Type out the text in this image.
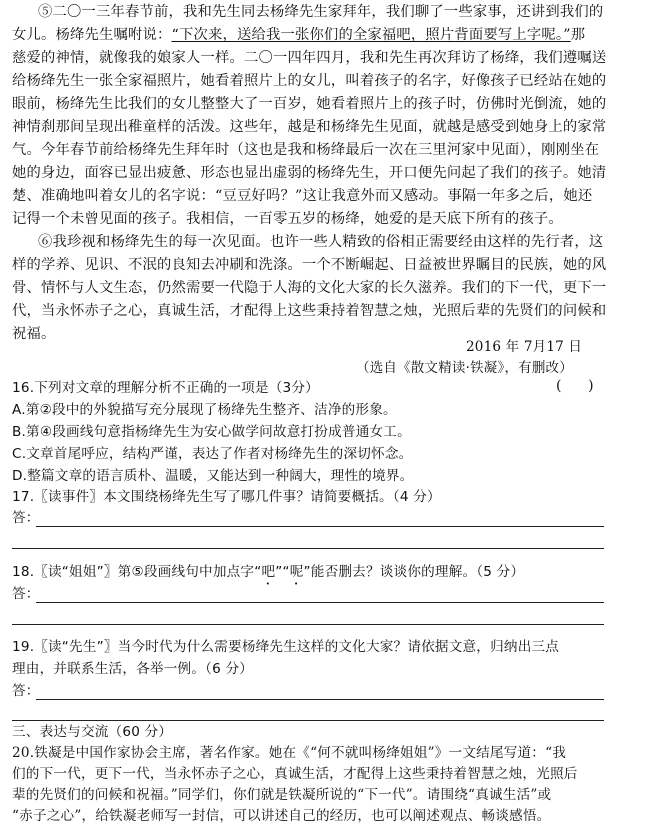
⑤二〇一三年春节前，我和先生同去杨绛先生家拜年，我们聊了一些家事，还讲到我们的
女儿。杨绛先生嘱咐说：“下次来，送给我一张你们的全家福吧，照片背面要写上字呢。”那
慈爱的神情，就像我的娘家人一样。二〇一四年四月，我和先生再次拜访了杨绛，我们遵嘱送
给杨绛先生一张全家福照片，她看着照片上的女儿，叫着孩子的名字，好像孩子已经站在她的
眼前，杨绛先生比我们的女儿整整大了一百岁，她看着照片上的孩子时，仿佛时光倒流，她的
神情刹那间呈现出稚童样的活泼。这些年，越是和杨绛先生见面，就越是感受到她身上的家常
气。今年春节前给杨绛先生拜年时（这也是我和杨绛最后一次在三里河家中见面），刚刚坐在
她的身边，面容已显出疲惫、形态也显出虚弱的杨绛先生，开口便先问起了我们的孩子。她清
楚、准确地叫着女儿的名字说：“豆豆好吗？”这让我意外而又感动。事隔一年多之后，她还
记得一个未曾见面的孩子。我相信，一百零五岁的杨绛，她爱的是天底下所有的孩子。
⑥我珍视和杨绛先生的每一次见面。也许一些人精致的俗相正需要经由这样的先行者，这
样的学养、见识、不泯的良知去冲刷和洗涤。一个不断崛起、日益被世界瞩目的民族，她的风
骨、情怀与人文生态，仍然需要一代隐于人海的文化大家的长久滋养。我们的下一代，更下一
代，当永怀赤子之心，真诚生活，才配得上这些秉持着智慧之烛，光照后辈的先贤们的问候和
祝福。
2016 年 7月17 日
（选自《散文精读·铁凝》，有删改）
16.下列对文章的理解分析不正确的一项是（3分）	(      )
A.第②段中的外貌描写充分展现了杨绛先生整齐、洁净的形象。
B.第④段画线句意指杨绛先生为安心做学问故意打扮成普通女工。
C.文章首尾呼应，结构严谨，表达了作者对杨绛先生的深切怀念。
D.整篇文章的语言质朴、温暖，又能达到一种阔大，理性的境界。
17.〖读事件〗本文围绕杨绛先生写了哪几件事？请简要概括。（4 分）
答：
18.〖读“姐姐”〗第⑤段画线句中加点字“吧”“呢”能否删去？谈谈你的理解。（5 分）
答：
19.〖读“先生”〗当今时代为什么需要杨绛先生这样的文化大家？请依据文意，归纳出三点
理由，并联系生活，各举一例。（6 分）
答：
三、表达与交流（60 分）
20.铁凝是中国作家协会主席，著名作家。她在《“何不就叫杨绛姐姐”》一文结尾写道：“我
们的下一代，更下一代，当永怀赤子之心，真诚生活，才配得上这些秉持着智慧之烛，光照后
辈的先贤们的问候和祝福。”同学们，你们就是铁凝所说的“下一代”。请围绕“真诚生活”或
“赤子之心”，给铁凝老师写一封信，可以讲述自己的经历，也可以阐述观点、畅谈感悟。
